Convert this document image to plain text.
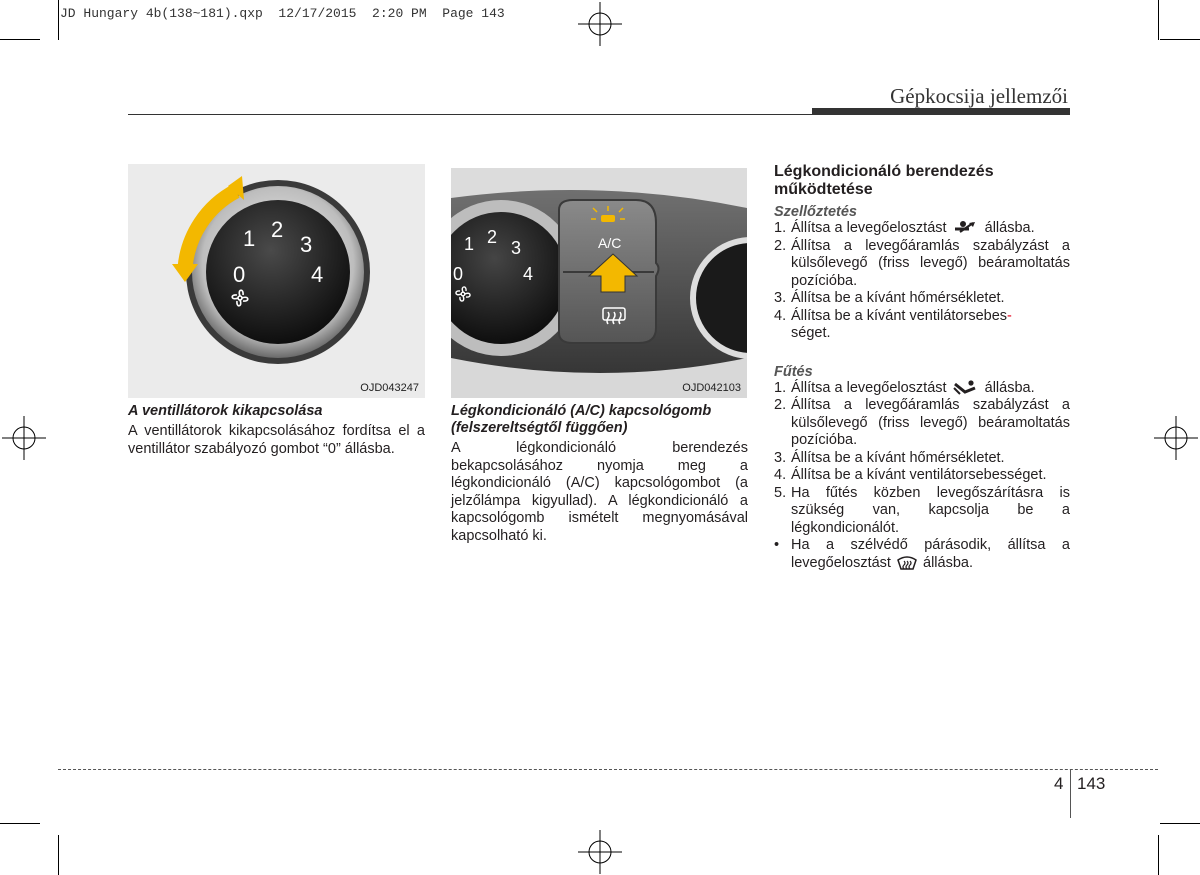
JD Hungary 4b(138~181).qxp  12/17/2015  2:20 PM  Page 143
Gépkocsija jellemzői
0
1 2
3
4
OJD043247
A/C
0
1 2
3
4
OJD042103
A ventillátorok kikapcsolása
A ventillátorok kikapcsolásához fordítsa el a ventillátor szabályozó gombot “0” állásba.
Légkondicionáló (A/C) kapcsológomb (felszereltségtől függően)
A légkondicionáló berendezés bekapcsolásához nyomja meg a légkondicionáló (A/C) kapcsológombot (a jelzőlámpa kigyullad). A légkondicionáló a kapcsológomb ismételt megnyomásával kapcsolható ki.
Légkondicionáló berendezés működtetése
Szellőztetés
1. Állítsa a levegőelosztást	állásba.
2. Állítsa a levegőáramlás szabályzást a külsőlevegő (friss levegő) beáramoltatás pozícióba.
3. Állítsa be a kívánt hőmérsékletet.
4. Állítsa be a kívánt ventilátorsebes-
séget.
Fűtés
1. Állítsa a levegőelosztást	állásba.
2. Állítsa a levegőáramlás szabályzást a külsőlevegő (friss levegő) beáramoltatás pozícióba.
3. Állítsa be a kívánt hőmérsékletet.
4. Állítsa be a kívánt ventilátorsebességet.
5. Ha fűtés közben levegőszárításra is szükség van, kapcsolja be a légkondicionálót.
• Ha a szélvédő párásodik, állítsa a levegőelosztást állásba.
4 143
